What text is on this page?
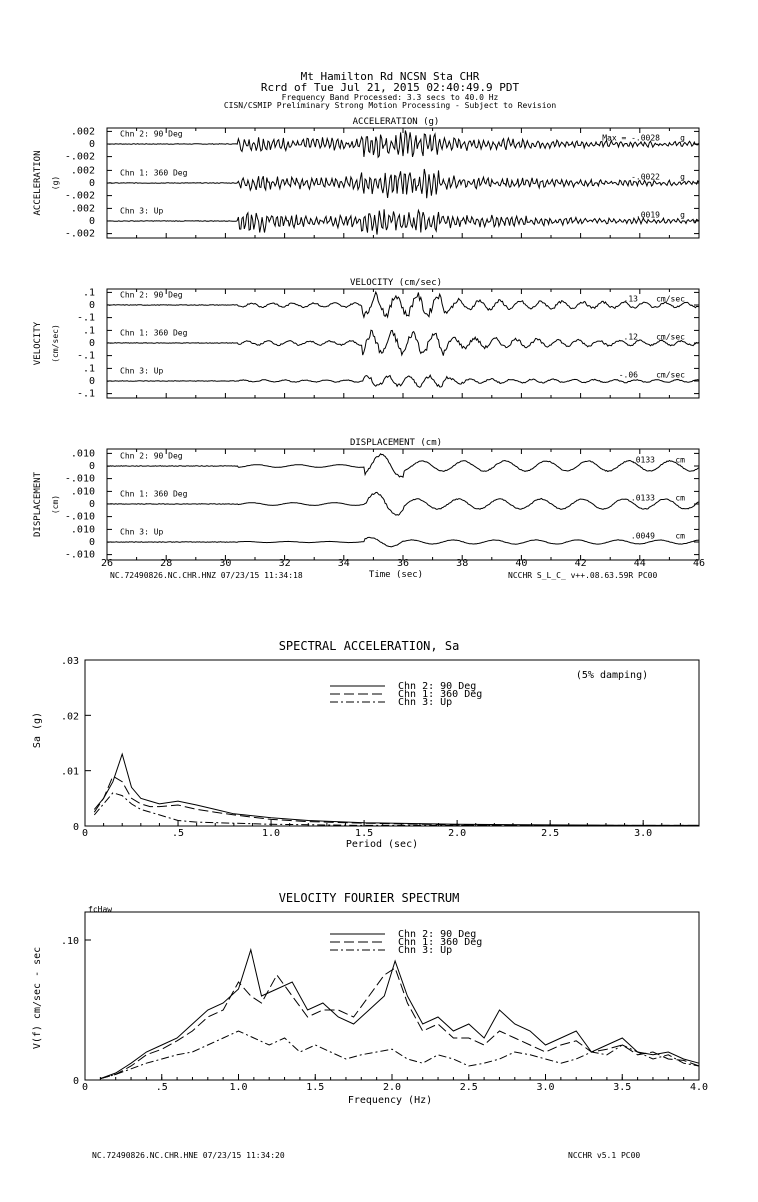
Mt Hamilton Rd NCSN Sta CHR
Rcrd of Tue Jul 21, 2015 02:40:49.9 PDT
Frequency Band Processed: 3.3 secs to 40.0 Hz
CISN/CSMIP Preliminary Strong Motion Processing - Subject to Revision
ACCELERATION (g)
ACCELERATION (g)
Chn 2: 90 Deg
.002
0
-.002
Max = -.0028	g
Chn 1: 360 Deg
.002
0
-.002
-.0022	g
Chn 3: Up
.002
0
-.002
.0019	g
VELOCITY (cm/sec)
VELOCITY (cm/sec)
Chn 2: 90 Deg
.1
0
-.1
.13 cm/sec
Chn 1: 360 Deg
.1
0
-.1
.12 cm/sec
Chn 3: Up
.1
0
-.1
-.06 cm/sec
DISPLACEMENT (cm)
DISPLACEMENT (cm)
Chn 2: 90 Deg
.010
0
-.010
.0133	cm
Chn 1: 360 Deg
.010
0
-.010
.0133	cm
Chn 3: Up
.010
0
-.010
.0049	cm
26	28	30	32	34	36	38	40	42	44	46
Time (sec)
NC.72490826.NC.CHR.HNZ 07/23/15 11:34:18	NCCHR S_L_C_ v++.08.63.59R PC00
SPECTRAL ACCELERATION, Sa
0	.5	1.0	1.5	2.0	2.5	3.0
0
.01
.02
.03
Chn 2: 90 Deg
Chn 1: 360 Deg
Chn 3: Up
(5% damping)
Period (sec)
Sa (g)
VELOCITY FOURIER SPECTRUM
fcHaw
0	.5	1.0	1.5	2.0	2.5	3.0	3.5	4.0
0
.10
Chn 2: 90 Deg
Chn 1: 360 Deg
Chn 3: Up
Frequency (Hz)
V(f) cm/sec - sec
NC.72490826.NC.CHR.HNE 07/23/15 11:34:20	NCCHR v5.1 PC00
